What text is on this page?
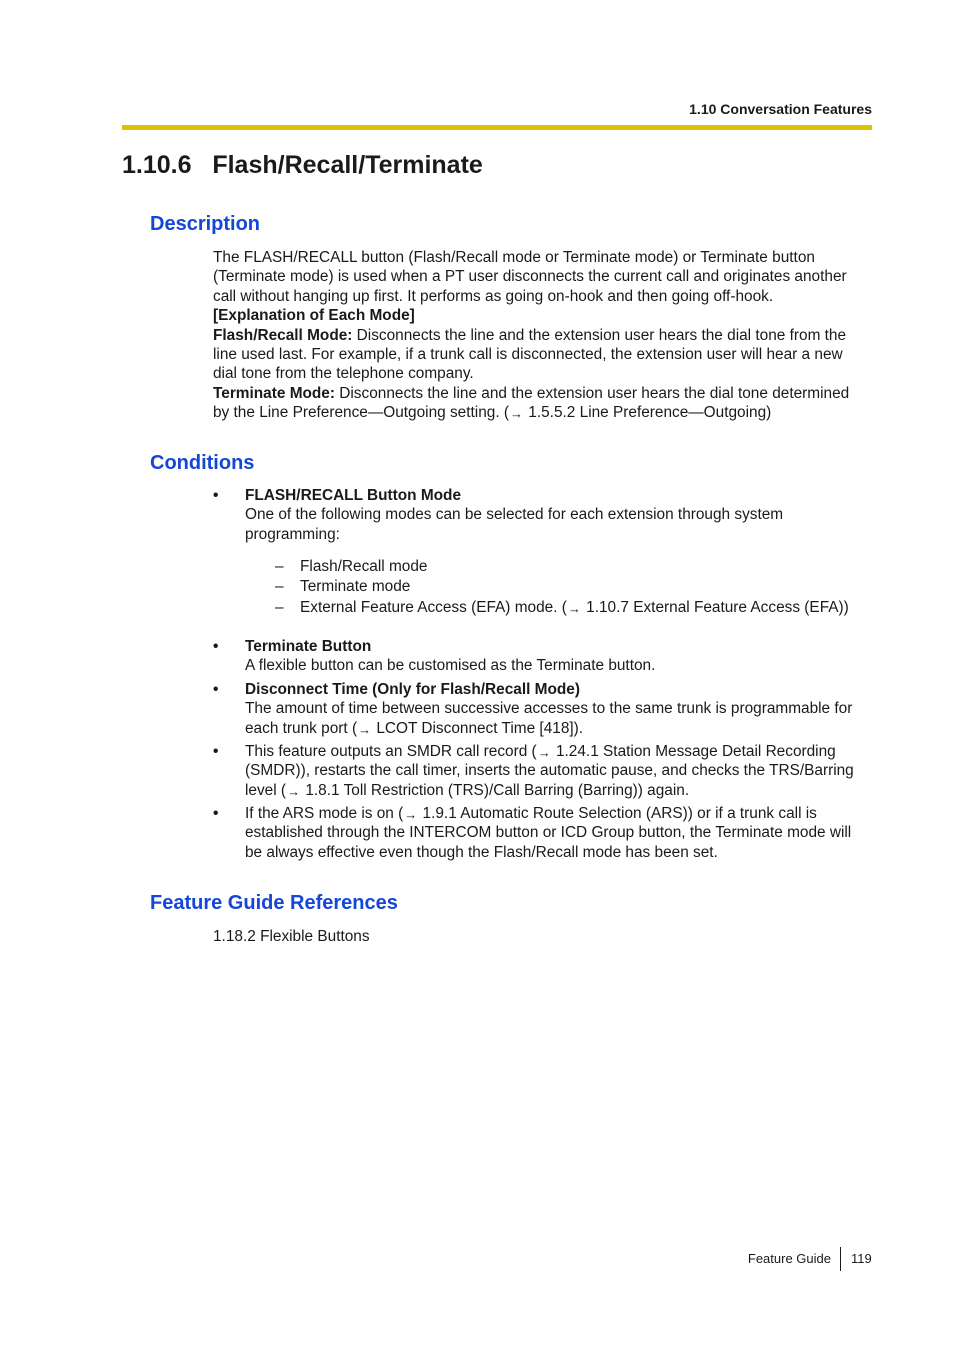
1.10 Conversation Features
1.10.6   Flash/Recall/Terminate
Description

The FLASH/RECALL button (Flash/Recall mode or Terminate mode) or Terminate button

(Terminate mode) is used when a PT user disconnects the current call and originates another

call without hanging up first. It performs as going on-hook and then going off-hook.

[Explanation of Each Mode]

Flash/Recall Mode: Disconnects the line and the extension user hears the dial tone from the

line used last. For example, if a trunk call is disconnected, the extension user will hear a new

dial tone from the telephone company.

Terminate Mode: Disconnects the line and the extension user hears the dial tone determined

by the Line Preference—Outgoing setting. (→ 1.5.5.2 Line Preference—Outgoing)

Conditions
• FLASH/RECALL Button Mode

One of the following modes can be selected for each extension through system

programming:

– Flash/Recall mode
– Terminate mode
– External Feature Access (EFA) mode. (→ 1.10.7 External Feature Access (EFA))
• Terminate Button

A flexible button can be customised as the Terminate button.

• Disconnect Time (Only for Flash/Recall Mode)

The amount of time between successive accesses to the same trunk is programmable for

each trunk port (→ LCOT Disconnect Time [418]).

• This feature outputs an SMDR call record (→ 1.24.1 Station Message Detail Recording

(SMDR)), restarts the call timer, inserts the automatic pause, and checks the TRS/Barring

level (→ 1.8.1 Toll Restriction (TRS)/Call Barring (Barring)) again.

• If the ARS mode is on (→ 1.9.1 Automatic Route Selection (ARS)) or if a trunk call is

established through the INTERCOM button or ICD Group button, the Terminate mode will

be always effective even though the Flash/Recall mode has been set.

Feature Guide References

1.18.2 Flexible Buttons

Feature Guide 119
